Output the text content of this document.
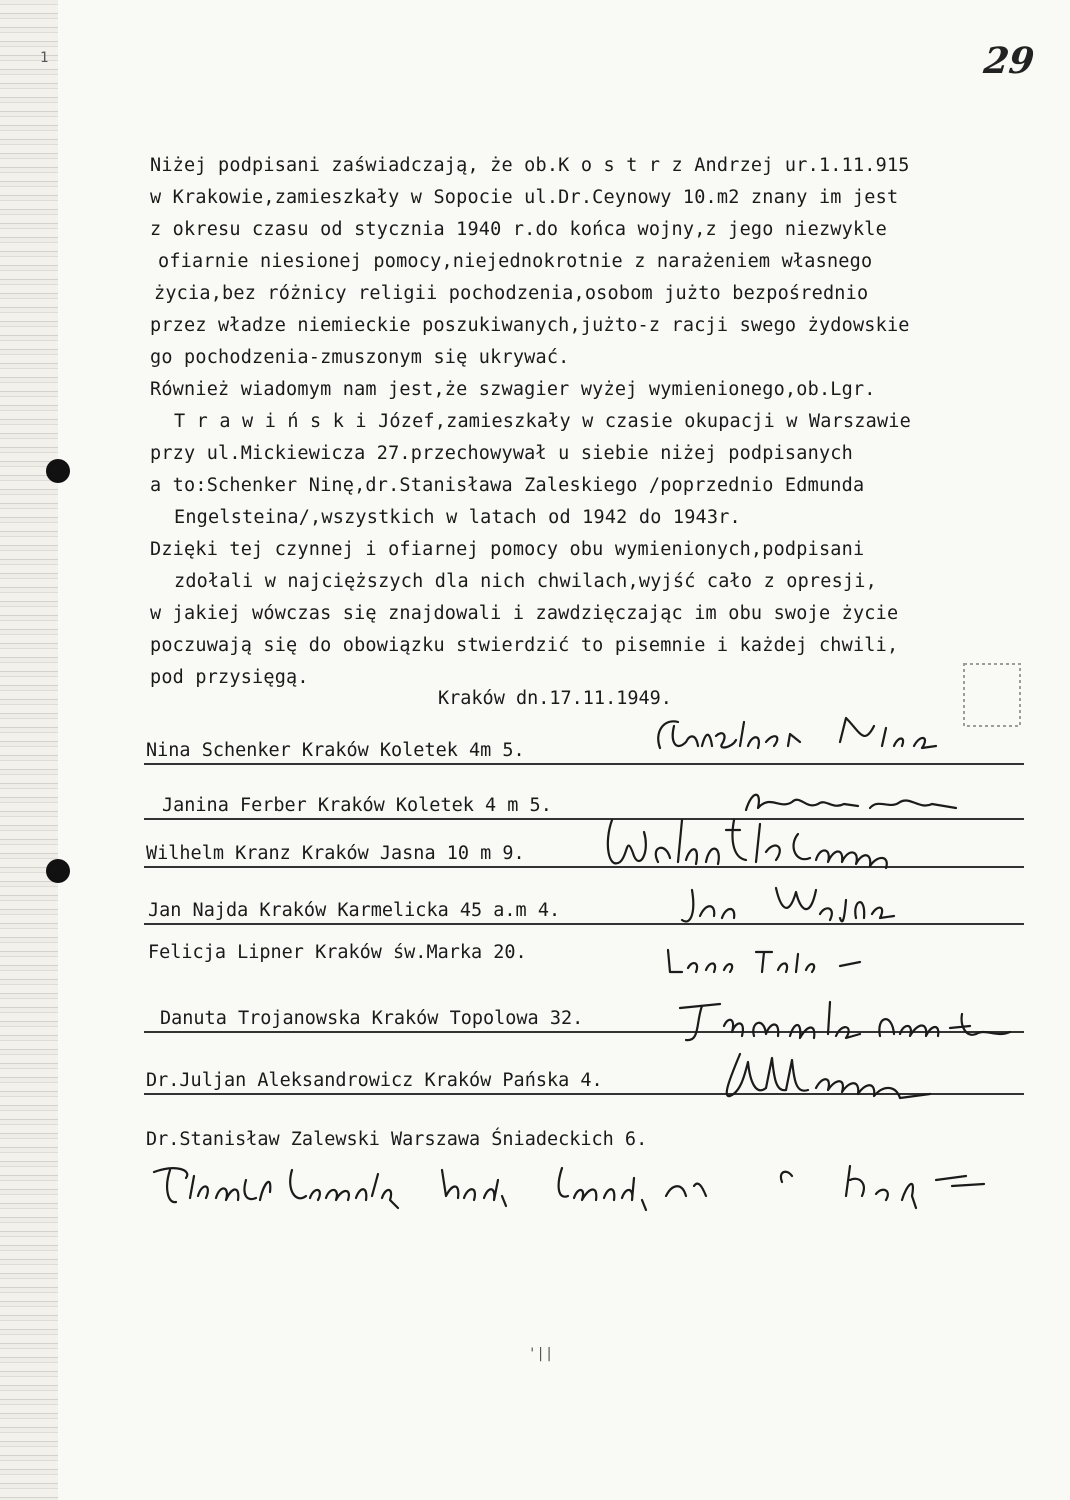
29
Niżej podpisani zaświadczają, że ob.K o s t r z Andrzej ur.1.11.915
w Krakowie,zamieszkały w Sopocie ul.Dr.Ceynowy 10.m2 znany im jest
z okresu czasu od stycznia 1940 r.do końca wojny,z jego niezwykle
ofiarnie niesionej pomocy,niejednokrotnie z narażeniem własnego
życia,bez różnicy religii pochodzenia,osobom jużto bezpośrednio
przez władze niemieckie poszukiwanych,jużto-z racji swego żydowskie
go pochodzenia-zmuszonym się ukrywać.
Również wiadomym nam jest,że szwagier wyżej wymienionego,ob.Lgr.
T r a w i ń s k i Józef,zamieszkały w czasie okupacji w Warszawie
przy ul.Mickiewicza 27.przechowywał u siebie niżej podpisanych
a to:Schenker Ninę,dr.Stanisława Zaleskiego /poprzednio Edmunda
Engelsteina/,wszystkich w latach od 1942 do 1943r.
Dzięki tej czynnej i ofiarnej pomocy obu wymienionych,podpisani
zdołali w najcięższych dla nich chwilach,wyjść cało z opresji,
w jakiej wówczas się znajdowali i zawdzięczając im obu swoje życie
poczuwają się do obowiązku stwierdzić to pisemnie i każdej chwili,
pod przysięgą.
Kraków dn.17.11.1949.
Nina Schenker Kraków Koletek 4m 5.
Janina Ferber Kraków Koletek 4 m 5.
Wilhelm Kranz Kraków Jasna 10 m 9.
Jan Najda Kraków Karmelicka 45 a.m 4.
Felicja Lipner Kraków św.Marka 20.
Danuta Trojanowska Kraków Topolowa 32.
Dr.Juljan Aleksandrowicz Kraków Pańska 4.
Dr.Stanisław Zalewski Warszawa Śniadeckich 6.
1
'||
